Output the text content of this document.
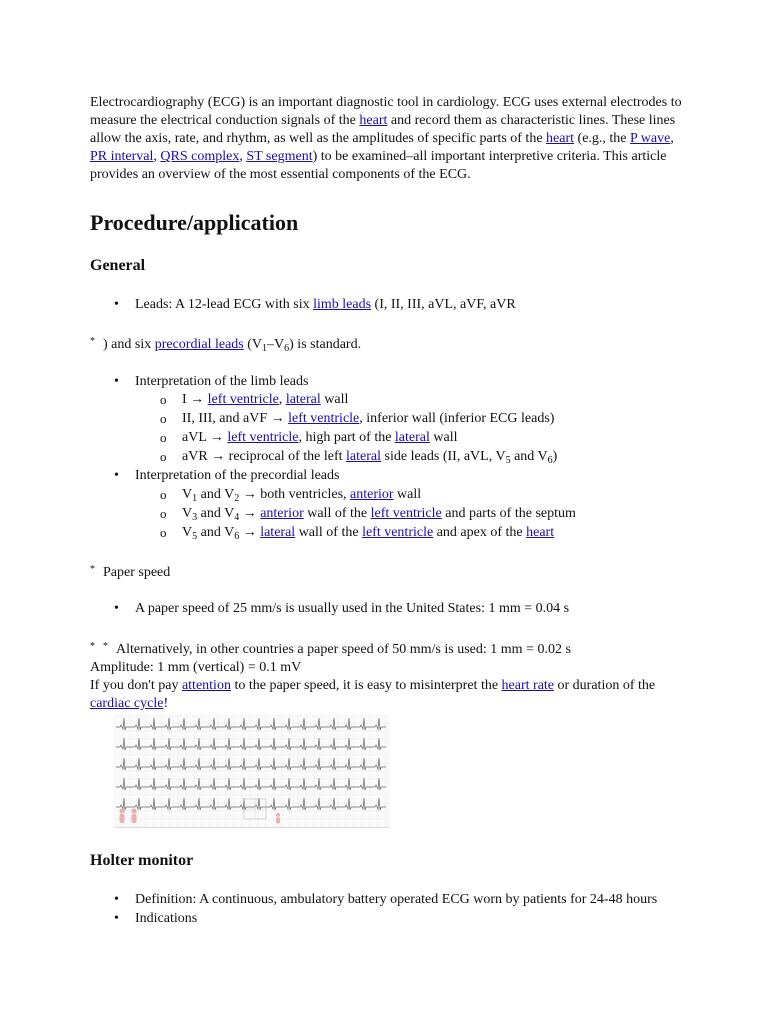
Electrocardiography (ECG) is an important diagnostic tool in cardiology. ECG uses external electrodes to measure the electrical conduction signals of the heart and record them as characteristic lines. These lines allow the axis, rate, and rhythm, as well as the amplitudes of specific parts of the heart (e.g., the P wave, PR interval, QRS complex, ST segment) to be examined–all important interpretive criteria. This article provides an overview of the most essential components of the ECG.

Procedure/application
General
• Leads: A 12-lead ECG with six limb leads (I, II, III, aVL, aVF, aVR

* ) and six precordial leads $(V_1-V_6)$ is standard.

• Interpretation of the limb leads
o I → left ventricle, lateral wall
o II, III, and aVF → left ventricle, inferior wall (inferior ECG leads)
o aVL → left ventricle, high part of the lateral wall
o aVR → reciprocal of the left lateral side leads (II, aVL, $V_5$ and $V_6$)
• Interpretation of the precordial leads
o $V_1$ and $V_2$ → both ventricles, anterior wall
o $V_3$ and $V_4$ → anterior wall of the left ventricle and parts of the septum
o $V_5$ and $V_6$ → lateral wall of the left ventricle and apex of the heart

* Paper speed

• A paper speed of 25 mm/s is usually used in the United States: 1 mm = 0.04 s

* * Alternatively, in other countries a paper speed of 50 mm/s is used: 1 mm = 0.02 s

Amplitude: 1 mm (vertical) = 0.1 mV

If you don't pay attention to the paper speed, it is easy to misinterpret the heart rate or duration of the cardiac cycle!

Holter monitor
• Definition: A continuous, ambulatory battery operated ECG worn by patients for 24-48 hours
• Indications
